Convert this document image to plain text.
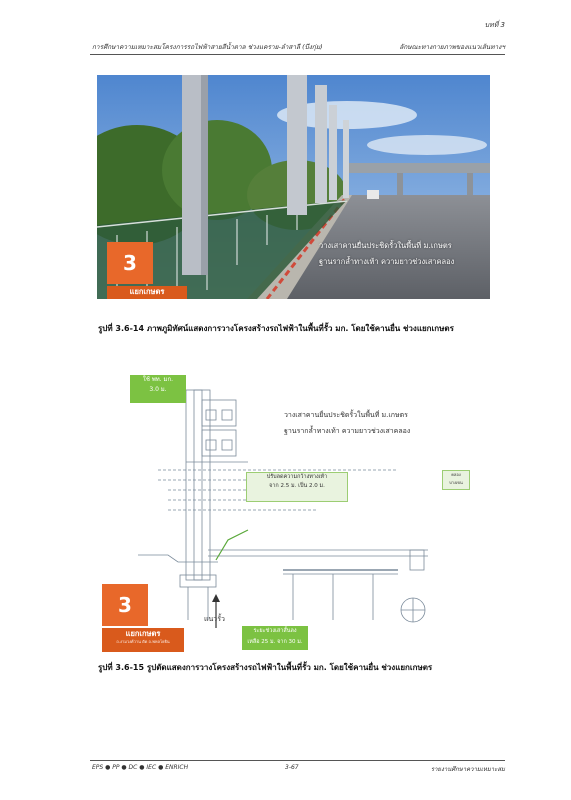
บทที่ 3
การศึกษาความเหมาะสมโครงการรถไฟฟ้าสายสีน้ำตาล ช่วงแคราย-ลำสาลี (บึงกุ่ม)	ลักษณะทางกายภาพของแนวเส้นทางฯ
วางเสาคานยื่นประชิดรั้วในพื้นที่ ม.เกษตร
ฐานรากล้ำทางเท้า ความยาวช่วงเสาคลอง
3
แยกเกษตร
รูปที่ 3.6-14 ภาพภูมิทัศน์แสดงการวางโครงสร้างรถไฟฟ้าในพื้นที่รั้ว มก. โดยใช้คานยื่น ช่วงแยกเกษตร
ใช้ พท. มก.
3.0 ม.
วางเสาคานยื่นประชิดรั้วในพื้นที่ ม.เกษตร
ฐานรากล้ำทางเท้า ความยาวช่วงเสาคลอง
ปรับลดความกว้างทางเท้า
จาก 2.5 ม. เป็น 2.0 ม.
คลอง
บางเขน
แนวรั้ว
ระยะช่วงเสาสั้นลง
เหลือ 25 ม. จาก 30 ม.
3
แยกเกษตร
ถ.งามวงศ์วาน ตัด ถ.พหลโยธิน
รูปที่ 3.6-15 รูปตัดแสดงการวางโครงสร้างรถไฟฟ้าในพื้นที่รั้ว มก. โดยใช้คานยื่น ช่วงแยกเกษตร
EPS ● PP ● DC ● IEC ● ENRICH	3-67	รายงานศึกษาความเหมาะสม
